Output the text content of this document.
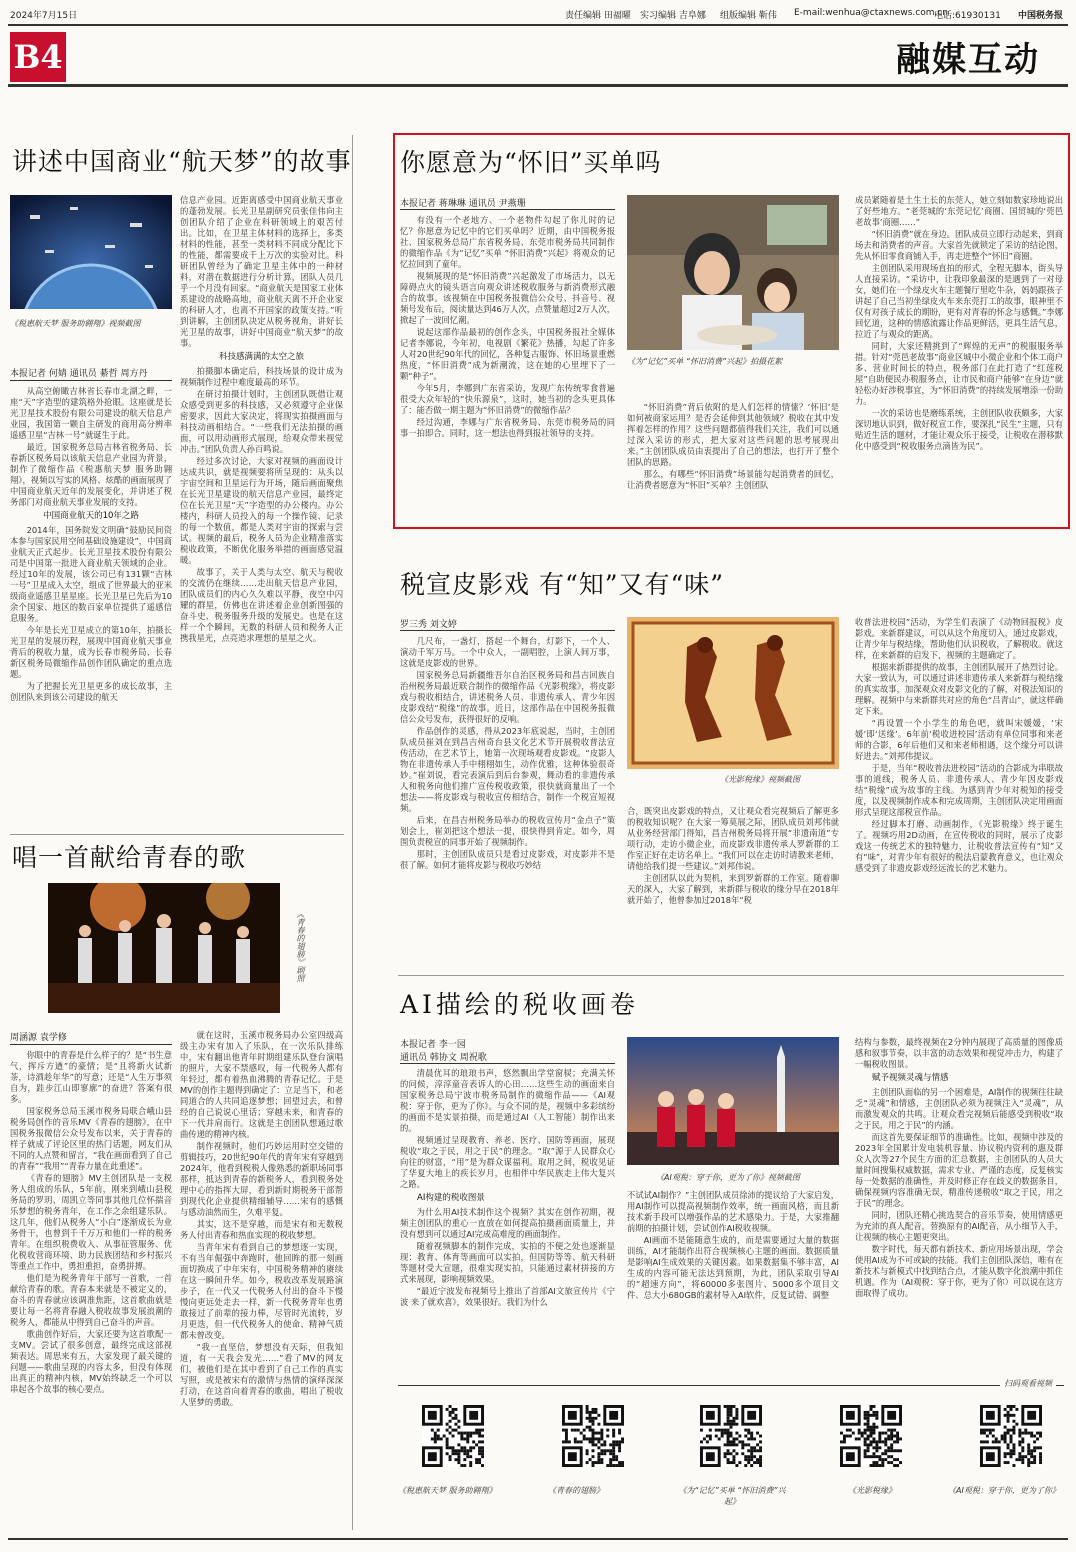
2024年7月15日	责任编辑 田福曜 实习编辑 吉阜娜 组版编辑 靳伟 E-mail:wenhua@ctaxnews.com.cn
电话:61930131 中国税务报
B4	融媒互动
讲述中国商业“航天梦”的故事
《税惠航天梦 服务助翱翔》视频截图
本报记者 何婧 通讯员 綦哲 周方丹

从高空俯瞰吉林省长春市北湖之畔，一座“天”字造型的建筑格外抢眼。这座就是长光卫星技术股份有限公司建设的航天信息产业园，我国第一颗自主研发的商用高分辨率遥感卫星“吉林一号”就诞生于此。

最近，国家税务总局吉林省税务局、长春新区税务局以该航天信息产业园为背景，制作了微缩作品《税惠航天梦 服务助翱翔》，视频以写实的风格、炫酷的画面展现了中国商业航天近年的发展变化，并讲述了税务部门对商业航天事业发展的支持。

中国商业航天的10年之路

2014年，国务院发文明确“鼓励民间资本参与国家民用空间基础设施建设”，中国商业航天正式起步。长光卫星技术股份有限公司是中国第一批进入商业航天领域的企业。经过10年的发展，该公司已有131颗“吉林一号”卫星成入太空，组成了世界最大的亚米级商业遥感卫星星座。长光卫星已先后为10余个国家、地区的数百家单位提供了遥感信息服务。

今年是长光卫星成立的第10年，拍摄长光卫星的发展历程，展现中国商业航天事业背后的税收力量，成为长春市税务局、长春新区税务局微缩作品创作团队确定的重点选题。

为了把握长光卫星更多的成长故事，主创团队来到该公司建设的航天

信息产业园。近距离感受中国商业航天事业的蓬勃发展。长光卫星副研究员张佳伟向主创团队介绍了企业在科研领域上的艰苦付出。比如，在卫星主体材料的选择上，多类材料的性能，甚至一类材料不同成分配比下的性能，都需要成千上万次的实验对比。科研团队曾经为了确定卫星主体中的一种材料，对潜在数据进行分析计算，团队人员几乎一个月没有回家。“商业航天是国家工业体系建设的战略高地，商业航天离不开企业家的科研人才，也离不开国家的政策支持。”听到讲解，主创团队决定从税务视角，讲好长光卫星的故事，讲好中国商业“航天梦”的故事。

科技感满满的太空之旅

拍摄脚本确定后，科技场景的设计成为视频制作过程中难度最高的环节。

在研讨拍摄计划时，主创团队既借让观众感受到更多的科技感，又必须遵守企业保密要求，因此大家决定，将现实拍摄画面与科技动画相结合。“一些我们无法拍摄的画面，可以用动画形式展现，给观众带来视觉冲击。”团队负责人孙百鸣说。

经过多次讨论，大家对视频的画面设计达成共识，就是视频要将所呈现的：从头以宇宙空间和卫星运行为开场，随后画面聚焦在长光卫星建设的航天信息产业园，最终定位在长光卫星“天”字造型的办公楼内。办公楼内，科研人员投入的每一个操作镜、记录的每一个数值，都是人类对宇宙的探索与尝试。视频的最后，税务人员为企业精准落实税收政策，不断优化服务举措的画面感觉温暖。

故事了，关于人类与太空、航天与税收的交流仍在继续……走出航天信息产业园，团队成员们的内心久久难以平静，夜空中闪耀的群星，仿佛也在讲述着企业创新图强的奋斗史、税务服务升级的发展史。也是在这样一个个瞬间，无数的科研人员和税务人正携我星光，点亮造求理想的星星之火。

你愿意为“怀旧”买单吗
本报记者 蒋琳琳 通讯员 尹燕珊

有没有一个老地方、一个老物件勾起了你儿时的记忆？你愿意为记忆中的它们买单吗？近期，由中国税务报社、国家税务总局广东省税务局、东莞市税务局共同制作的微缩作品《为“记忆”买单 “怀旧消费”兴起》将观众的记忆拉回到了童年。

视频展现的是“怀旧消费”兴起激发了市场活力，以无障碍点火的镜头语言向观众讲述税收服务与新消费形式融合的故事。该视频在中国税务报微信公众号、抖音号、视频号发布后，阅读量达到46万人次，点赞量超过2万人次，掀起了一波回忆潮。

说起这部作品最初的创作念头，中国税务报社全媒体记者李娜说，今年初，电视剧《繁花》热播，勾起了许多人对20世纪90年代的回忆，各种复古服饰、怀旧场景重燃热度，“怀旧消费”成为新潮流，这在她的心里埋下了一颗“种子”。

今年5月，李娜到广东省采访，发现广东传统零食普遍很受大众年轻的“快乐源泉”，这时，她当初的念头更具体了：能否做一期主题为“怀旧消费”的微缩作品？

经过沟通，李娜与广东省税务局、东莞市税务局的同事一拍即合。同时，这一想法也得到报社领导的支持。

《为“记忆”买单 “怀旧消费”兴起》拍摄花絮

“怀旧消费”背后依附的是人们怎样的情愫？‘怀旧’是如何被商家运用？是否会延伸到其他领域？税收在其中发挥着怎样的作用？这些问题都值得我们关注，我们可以通过深入采访的形式，把大家对这些问题的思考展现出来。”主创团队成员由衷提出了自己的想法，也打开了整个团队的思路。

那么，有哪些“怀旧消费”场景能勾起消费者的回忆，让消费者愿意为“怀旧”买单？主创团队

成员紧随着是土生土长的东莞人，她立刻如数家珍地说出了好些地方。“老莞城的‘东莞记忆’商圈、国贸城的‘莞邑老故事’商圈……”

“怀旧消费”就在身边。团队成员立即行动起来，到商场去和消费者的声音。大家首先就锁定了采访的结论图，先从怀旧零食商铺入手，再走进整个“怀旧”商圈。

主创团队采用现场直拍的形式，全程无脚本，街头导人直接采访。“采访中，让我印象最深的是遇到了一对母女，她们在一个绿皮火车主题餐厅里吃牛杂，妈妈跟孩子讲起了自己当初坐绿皮火车来东莞打工的故事，眼神里不仅有对孩子成长的期盼，更有对青春的怀念与感慨。”李娜回忆道，这种的情感流露让作品更鲜活，更具生活气息，拉近了与观众的距离。

同时，大家还精挑到了“辉煌的无声”的税服服务举措。针对“莞邑老故事”商业区城中小微企业和个体工商户多、营业时间长的特点，税务部门在此打造了“红莲税屋”自助便民办税服务点，让市民和商户能够“在身边”就轻松办好涉税事宜，为“怀旧消费”的持续发展增添一份助力。

一次的采访也是磨练系统，主创团队收获颇多，大家深切地认识到，做好税宣工作，要深扎“民生”主题，只有贴近生活的题材，才能让观众乐于接受，让税收在潜移默化中感受到“税收服务点滴皆为民”。

税宣皮影戏 有“知”又有“味”
罗三秀 刘文婷

几尺布，一盏灯，搭起一个舞台，灯影下，一个人、演动千军万马。一个中众人，一副唱腔，上演人间万事，这就是皮影戏的世界。

国家税务总局新疆维吾尔自治区税务局和昌吉回族自治州税务局最近联合制作的微缩作品《光影税缘》，将皮影戏与税收相结合，讲述税务人员、非遗传承人、青少年因皮影戏结“税缘”的故事。近日，这部作品在中国税务报微信公众号发布，获得很好的反响。

作品创作的灵感，得从2023年底说起，当时，主创团队成员崔刘在到昌吉州奇台县文化艺术节开展税收普法宣传活动，在艺术节上，她第一次现场观看皮影戏。“皮影人物在非遗传承人手中栩栩如生，动作优雅，这种体验很奇妙。”崔刘说，看完表演后到后台参观，舞动看的非遗传承人和税务向他们推广宣传税收政策，很快就商量出了一个想法——将皮影戏与税收宣传相结合，制作一个税宣短视频。

后来，在昌吉州税务局举办的税收宣传月“金点子”策划会上，崔刘把这个想法一提，很快得到肯定。如今，周围负责税宣的同事开始了视频制作。

那时，主创团队成员只是看过皮影戏，对皮影并不是很了解。如何才能将皮影与税收巧妙结

《光影税缘》视频截图

合，既突出皮影戏的特点，又让观众看完视频后了解更多的税收知识呢？在大家一筹莫展之际，团队成员刘邦伟就从业务经营部门得知，昌吉州税务局将开展“非遗南道”专项行动，走访小微企业，而皮影戏非遗传承人罗新群的工作室正好在走访名单上。“我们可以在走访时请教来老师，请他给我们提一些建议。”刘邦伟说。

主创团队以此为契机，来到罗新群的工作室。随着聊天的深入，大家了解到，来新群与税收的缘分早在2018年就开始了，他曾参加过2018年“税

收普法进校园”活动，为学生们表演了《动物回报税》皮影戏。来新群建议，可以从这个角度切入，通过皮影戏，让青少年与税结缘，帮助他们认识税收，了解税收。就这样，在来新群的启发下，视频的主题确定了。

根据来新群提供的故事，主创团队展开了热烈讨论。大家一致认为，可以通过讲述非遗传承人来新群与税结缘的真实故事，加深观众对皮影文化的了解，对税法知识的理解。视频中与来新群共对应的角色“吕青山”，就这样确定下来。

“再设置一个小学生的角色吧，就叫宋媛媛，‘宋媛’即‘送缘’。6年前‘税收进校园’活动有单位同事和来老师的合影，6年后他们又和来老师相遇，这个缘分可以讲好进去。”刘邦伟提议。

于是，当年“税收普法进校园”活动的合影成为串联故事的道线，税务人员、非遗传承人、青少年因皮影戏结“税缘”成为故事的主线。为感到青少年对税知的接受度，以及视频制作成本和完成周期，主创团队决定用画面形式呈现这部税宣作品。

经过脚本打磨、动画制作，《光影税缘》终于诞生了。视频巧用2D动画，在宣传税收的同时，展示了皮影戏这一传统艺术的独特魅力，让税收普法宣传有“知”又有“味”，对青少年有很好的税法启蒙教育意义，也让观众感受到了非遗皮影戏经远流长的艺术魅力。

唱一首献给青春的歌
《青春的翅膀》剧照
周涵源 袁学修

你眼中的青春是什么样子的？是“书生意气，挥斥方遒”的豪情；是“且将新火试新茶，诗酒趁年华”的写意；还是“人生万事须自为，跬步江山即寥廓”的奋进？答案有很多。

国家税务总局玉溪市税务局联合峨山县税务局创作的音乐MV《青春的翅膀》，在中国税务报微信公众号发布以来，关于青春的样子就成了评论区里的热门话题，网友们从不同的人点赞和留言，“我在画面看到了自己的青春”“我用”“青春力量在此重述”。

《青春的翅膀》MV主创团队是一支税务人组成的乐队，5年前，刚来到峨山县税务局的罗玥、周凯立等同事其他几位怀揣音乐梦想的税务青年，在工作之余组建乐队。这几年，他们从税务人“小白”逐渐成长为业务骨干，也曾到千千万万和他们一样的税务青年。在组织税费收入、从事征管服务、优化税收营商环境、助力民族团结和乡村振兴等重点工作中，勇担重担，奋勇拼搏。

他们是为税务青年干部写一首歌，一首献给青春的歌。青春本来就是不被定义的，奋斗的青春就应该调准焦距，这首歌曲就是要让每一名将青春融入税收故事发展浪潮的税务人，都能从中得到自己奋斗的声音。

歌曲创作好后，大家还要为这首歌配一支MV。尝试了很多创意，最终完成这部视频表达。周思来有五，大家发现了最关键的问题——歌曲呈现的内容太多，但没有体现出真正的精神内核，MV始终缺乏一个可以串起各个故事的核心要点。

就在这时，玉溪市税务局办公室四级高级主办宋有加入了乐队，在一次乐队排练中，宋有翻出他青年时期组建乐队登台演唱的照片，大家不禁感叹，每一代税务人都有年轻过，都有着热血沸腾的青春记忆。于是MV的创作主题得到确定了：立足当下，和老同道合的人共同追逐梦想；回望过去，和曾经的自己说说心里话；穿越未来，和青春的下一代并肩而行。这就是主创团队想通过歌曲传递的精神内核。

制作视频时，他们巧妙运用时空交错的剪辑技巧，20世纪90年代的青年宋有穿越到2024年，他看到税税人像熟悉的新职场同事那样，抵达到青春的新税务人，看到税务处理中心的指挥大屏，看到新时期税务干部帮到现代化企业提供精细辅导……宋有的感慨与感动油然而生，久难平复。

其实，这不是穿越，而是宋有和无数税务人付出青春和热血实现的税收梦想。

当青年宋有看到自己的梦想逐一实现，不有当年倔强中奔跑时，他回眸的那一刻画面切换成了中年宋有，中国税务精神的赓续在这一瞬间升华。如今，税收改革发展路演步子，在一代又一代税务人付出的奋斗下慢慢向更远处走去一样，新一代税务青年也勇敢接过了前辈的接力棒，尽管时光流转，岁月更迭，但一代代税务人的使命、精神气质都未曾改变。

“我一直坚信，梦想没有天际，但我知道，有一天我会发光……”看了MV的网友们，被他们是在其中看到了自己工作的真实写照，或是被宋有的激情与热情的演绎深深打动，在这首向着青春的歌曲，唱出了税收人坚梦的勇敢。

AI描绘的税收画卷
本报记者 李一园
通讯员 韩协文 周祝歌

清晨优耳的琅琅书声，悠然飘出学堂窗棂；充满关怀的问候，淳淳童音表诉人的心田……这些生动的画面来自国家税务总局宁波市税务局制作的微缩作品——《AI观税：穿于你，更为了你》。与众不同的是，视频中多彩缤纷的画面不是实景拍摄，而是通过AI（人工智能）制作出来的。

视频通过呈现教育、养老、医疗、国防等画面，展现税收“取之于民，用之于民”的理念。“取”源于人民群众心向往的财富，“用”是为群众谋福利。取用之间，税收见证了华夏大地上的疾长岁月，也相伴中华民族走上伟大复兴之路。

AI构建的税收图景

为什么用AI技术制作这个视频？其实在创作初期，视频主创团队的重心一直放在如何提高拍摄画面质量上，并没有想到可以通过AI完成高难度的画面制作。

随着视频脚本的制作完成，实拍的不便之处也逐渐显现：教育、体育等画面可以实拍，但国防等等、航天科研等题材受大宣题，很难实现实拍，只能通过素材拼接的方式来展现，影响视频效果。

“最近宁波发布视频号上推出了首部AI文旅宣传片《宁波 来了就欢喜》，效果很好。我们为什么

《AI观税：穿于你，更为了你》视频截图

不试试AI制作？”主创团队成员徐沛的提议给了大家启发，用AI制作可以提高视频制作效率，统一画面风格，而且新技术新手段可以增强作品的艺术感染力。于是，大家推翻前期的拍摄计划，尝试创作AI税收视频。

AI画面不是能随意生成的，而是需要通过大量的数据训练，AI才能制作出符合视频核心主题的画面。数据质量是影响AI生成效果的关键因素。如果数据集不够丰富，AI生成的内容可能无法达到预期，为此，团队采取引导AI的“超速方向”，将60000多张图片、5000多个项目文件、总大小680GB的素材导入AI软件，反复试错、调整

结构与参数，最终视频在2分钟内展现了高质量的图像质感和叙事节奏，以丰富的动态效果和视觉冲击力，构建了一幅税收图景。

赋予视频灵魂与情感

主创团队面临的另一个困难是，AI制作的视频往往缺乏“灵魂”和情感，主创团队必须为视频注入“灵魂”，从而激发观众的共鸣。让观众看完视频后能感受到税收“取之于民，用之于民”的内涵。

而这首先要保证细节的准确性。比如，视频中涉及的2023年全国累计发电装机容量、协议税内资利的惠及群众人次等27个民生方面的汇总数据，主创团队的人员大量时间搜集权威数据，需求专业、严谨的态度，反复核实每一处数据的准确性，并及时修正存在歧义的数据条目，确保视频内容准确无误，精准传递税收“取之于民，用之于民”的理念。

同时，团队还精心挑选契合的音乐节奏，使用情感更为充沛的真人配音，替换原有的AI配音，从小细节入手，让视频的核心主题更突出。

数字时代，每天都有新技术、新应用场景出现，学会使用AI成为不可或缺的技能。我们主创团队深信，唯有在新技术与新模式中找到结合点，才能从数字化浪潮中抓住机遇。作为（AI观税：穿于你，更为了你）可以说在这方面取得了成功。

扫码观看视频
《税惠航天梦 服务助翱翔》	《青春的翅膀》	《为“记忆”买单 “怀旧消费”兴起》
《光影税缘》	《AI观税：穿于你，更为了你》
